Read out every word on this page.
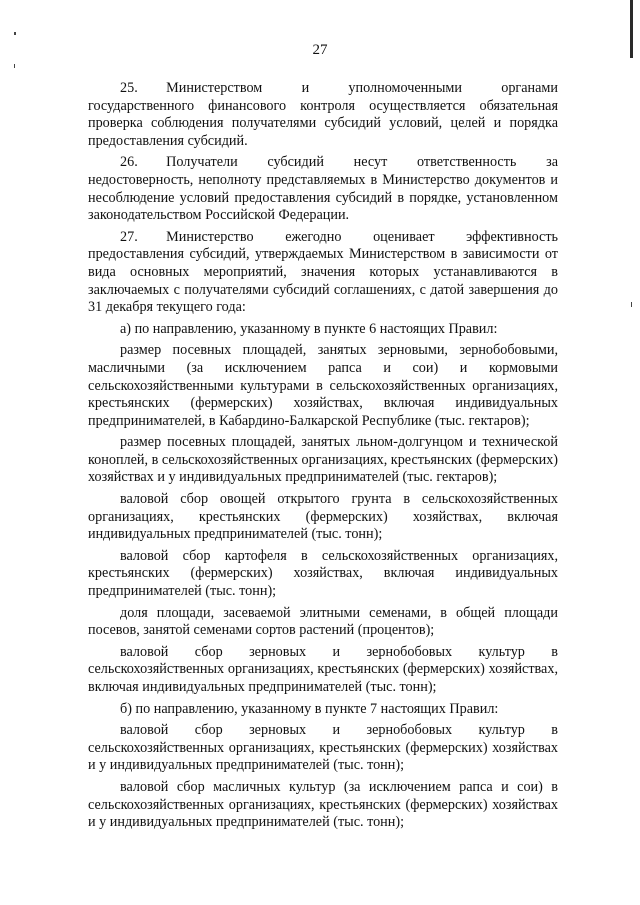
27

25.  Министерством и уполномоченными органами государственного финансового контроля осуществляется обязательная проверка соблюдения получателями субсидий условий, целей и порядка предоставления субсидий.

26.  Получатели субсидий несут ответственность за недостоверность, неполноту представляемых в Министерство документов и несоблюдение условий предоставления субсидий в порядке, установленном законодательством Российской Федерации.

27.  Министерство ежегодно оценивает эффективность предоставления субсидий, утверждаемых Министерством в зависимости от вида основных мероприятий, значения которых устанавливаются в заключаемых с получателями субсидий соглашениях, с датой завершения до 31 декабря текущего года:

а) по направлению, указанному в пункте 6 настоящих Правил:

размер посевных площадей, занятых зерновыми, зернобобовыми, масличными (за исключением рапса и сои) и кормовыми сельскохозяйственными культурами в сельскохозяйственных организациях, крестьянских (фермерских) хозяйствах, включая индивидуальных предпринимателей, в Кабардино-Балкарской Республике (тыс. гектаров);

размер посевных площадей, занятых льном-долгунцом и технической коноплей, в сельскохозяйственных организациях, крестьянских (фермерских) хозяйствах и у индивидуальных предпринимателей (тыс. гектаров);

валовой сбор овощей открытого грунта в сельскохозяйственных организациях, крестьянских (фермерских) хозяйствах, включая индивидуальных предпринимателей (тыс. тонн);

валовой сбор картофеля в сельскохозяйственных организациях, крестьянских (фермерских) хозяйствах, включая индивидуальных предпринимателей (тыс. тонн);

доля площади, засеваемой элитными семенами, в общей площади посевов, занятой семенами сортов растений (процентов);

валовой сбор зерновых и зернобобовых культур в сельскохозяйственных организациях, крестьянских (фермерских) хозяйствах, включая индивидуальных предпринимателей (тыс. тонн);

б) по направлению, указанному в пункте 7 настоящих Правил:

валовой сбор зерновых и зернобобовых культур в сельскохозяйственных организациях, крестьянских (фермерских) хозяйствах и у индивидуальных предпринимателей (тыс. тонн);

валовой сбор масличных культур (за исключением рапса и сои) в сельскохозяйственных организациях, крестьянских (фермерских) хозяйствах и у индивидуальных предпринимателей (тыс. тонн);
